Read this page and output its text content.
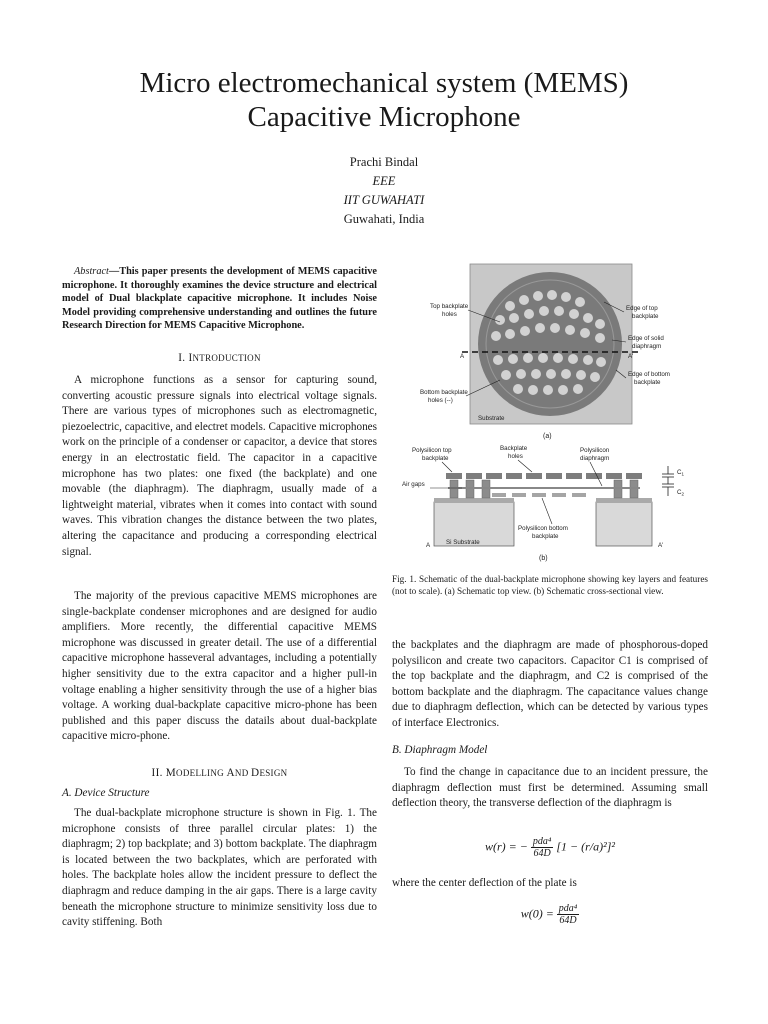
Micro electromechanical system (MEMS)
Capacitive Microphone
Prachi Bindal
EEE
IIT GUWAHATI
Guwahati, India
Abstract—This paper presents the development of MEMS capacitive microphone. It thoroughly examines the device structure and electrical model of Dual blackplate capacitive microphone. It includes Noise Model providing comprehensive understanding and outlines the future Research Direction for MEMS Capacitive Microphone.
I. INTRODUCTION

A microphone functions as a sensor for capturing sound, converting acoustic pressure signals into electrical voltage signals. There are various types of microphones such as electromagnetic, piezoelectric, capacitive, and electret models. Capacitive microphones work on the principle of a condenser or capacitor, a device that stores energy in an electrostatic field. The capacitor in a capacitive microphone has two plates: one fixed (the backplate) and one movable (the diaphragm). The diaphragm, usually made of a lightweight material, vibrates when it comes into contact with sound waves. This vibration changes the distance between the two plates, altering the capacitance and producing a corresponding electrical signal.

The majority of the previous capacitive MEMS microphones are single-backplate condenser microphones and are designed for audio amplifiers. More recently, the differential capacitive MEMS microphone was discussed in greater detail. The use of a differential capacitive microphone hasseveral advantages, including a potentially higher sensitivity due to the extra capacitor and a higher pull-in voltage enabling a higher sensitivity through the use of a higher bias voltage. A working dual-backplate capacitive micro-phone has been published and this paper discuss the datails about dual-backplate capacitive micro-phone.

II. MODELLING AND DESIGN
A. Device Structure

The dual-backplate microphone structure is shown in Fig. 1. The microphone consists of three parallel circular plates: 1) the diaphragm; 2) top backplate; and 3) bottom backplate. The diaphragm is located between the two backplates, which are perforated with holes. The backplate holes allow the incident pressure to deflect the diaphragm and reduce damping in the air gaps. There is a large cavity beneath the microphone structure to minimize sensitivity loss due to cavity stiffening. Both

Top backplate
holes
Edge of top
backplate
Edge of solid
diaphragm
A	A'
Edge of bottom
backplate
Bottom backplate
holes (--)
Substrate
(a)
Polysilicon top
backplate
Backplate
holes
Polysilicon
diaphragm
$C_1$
$C_2$
Air gaps
Polysilicon bottom
backplate
A	Si Substrate	A'
(b)
Fig. 1. Schematic of the dual-backplate microphone showing key layers and features (not to scale). (a) Schematic top view. (b) Schematic cross-sectional view.

the backplates and the diaphragm are made of phosphorous-doped polysilicon and create two capacitors. Capacitor C1 is comprised of the top backplate and the diaphragm, and C2 is comprised of the bottom backplate and the diaphragm. The capacitance values change due to diaphragm deflection, which can be detected by various types of interface Electronics.

B. Diaphragm Model

To find the change in capacitance due to an incident pressure, the diaphragm deflection must first be determined. Assuming small deflection theory, the transverse deflection of the diaphragm is

w(r) = − $\frac{\text{pda⁴}}{64D} [1 - (r/a)^2]^2$

where the center deflection of the plate is

$w(0) = \frac{\text{pda⁴}}{64D}$
